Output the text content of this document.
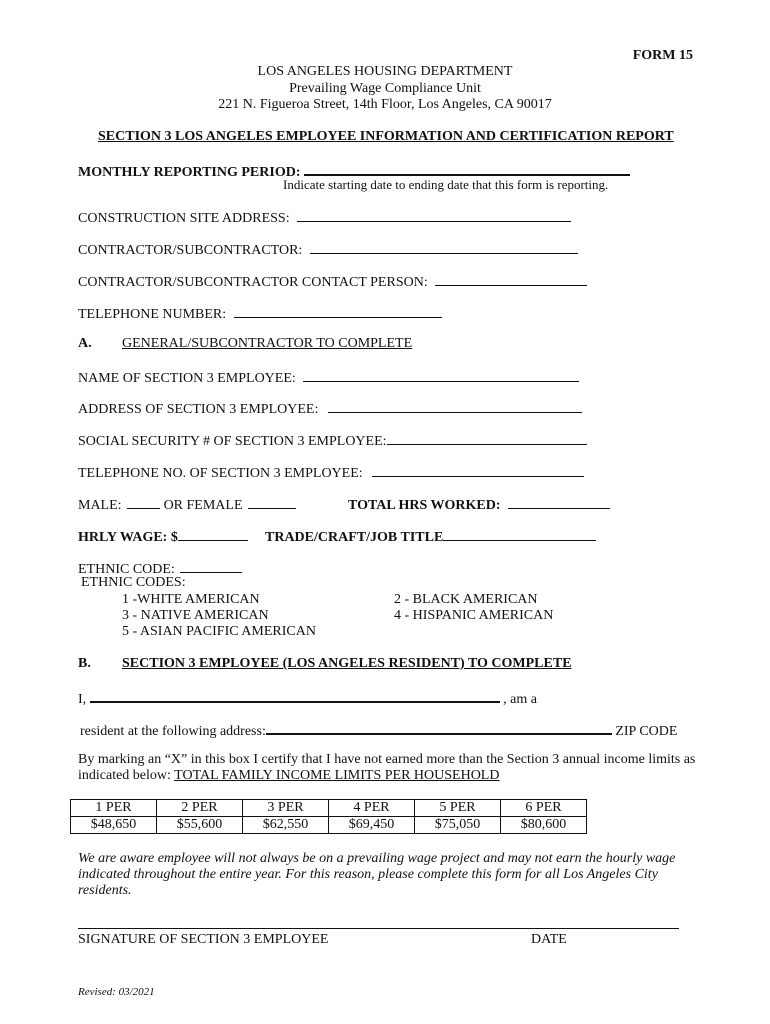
FORM 15
LOS ANGELES HOUSING DEPARTMENT
Prevailing Wage Compliance Unit
221 N. Figueroa Street, 14th Floor, Los Angeles, CA 90017
SECTION 3 LOS ANGELES EMPLOYEE INFORMATION AND CERTIFICATION REPORT
MONTHLY REPORTING PERIOD:
Indicate starting date to ending date that this form is reporting.
CONSTRUCTION SITE ADDRESS:
CONTRACTOR/SUBCONTRACTOR:
CONTRACTOR/SUBCONTRACTOR CONTACT PERSON:
TELEPHONE NUMBER:
A. GENERAL/SUBCONTRACTOR TO COMPLETE
NAME OF SECTION 3 EMPLOYEE:
ADDRESS OF SECTION 3 EMPLOYEE:
SOCIAL SECURITY # OF SECTION 3 EMPLOYEE:
TELEPHONE NO. OF SECTION 3 EMPLOYEE:
MALE:	OR FEMALE	TOTAL HRS WORKED:
HRLY WAGE: $	TRADE/CRAFT/JOB TITLE
ETHNIC CODE:
ETHNIC CODES:
1 -WHITE AMERICAN	2 - BLACK AMERICAN
3 - NATIVE AMERICAN	4 - HISPANIC AMERICAN
5 - ASIAN PACIFIC AMERICAN
B. SECTION 3 EMPLOYEE (LOS ANGELES RESIDENT) TO COMPLETE
I,	, am a
resident at the following address:	ZIP CODE
By marking an “X” in this box I certify that I have not earned more than the Section 3 annual income limits as
indicated below: TOTAL FAMILY INCOME LIMITS PER HOUSEHOLD
1 PER	2 PER	3 PER	4 PER	5 PER	6 PER
$48,650	$55,600	$62,550	$69,450	$75,050	$80,600
We are aware employee will not always be on a prevailing wage project and may not earn the hourly wage
indicated throughout the entire year. For this reason, please complete this form for all Los Angeles City
residents.
SIGNATURE OF SECTION 3 EMPLOYEE	DATE
Revised: 03/2021
